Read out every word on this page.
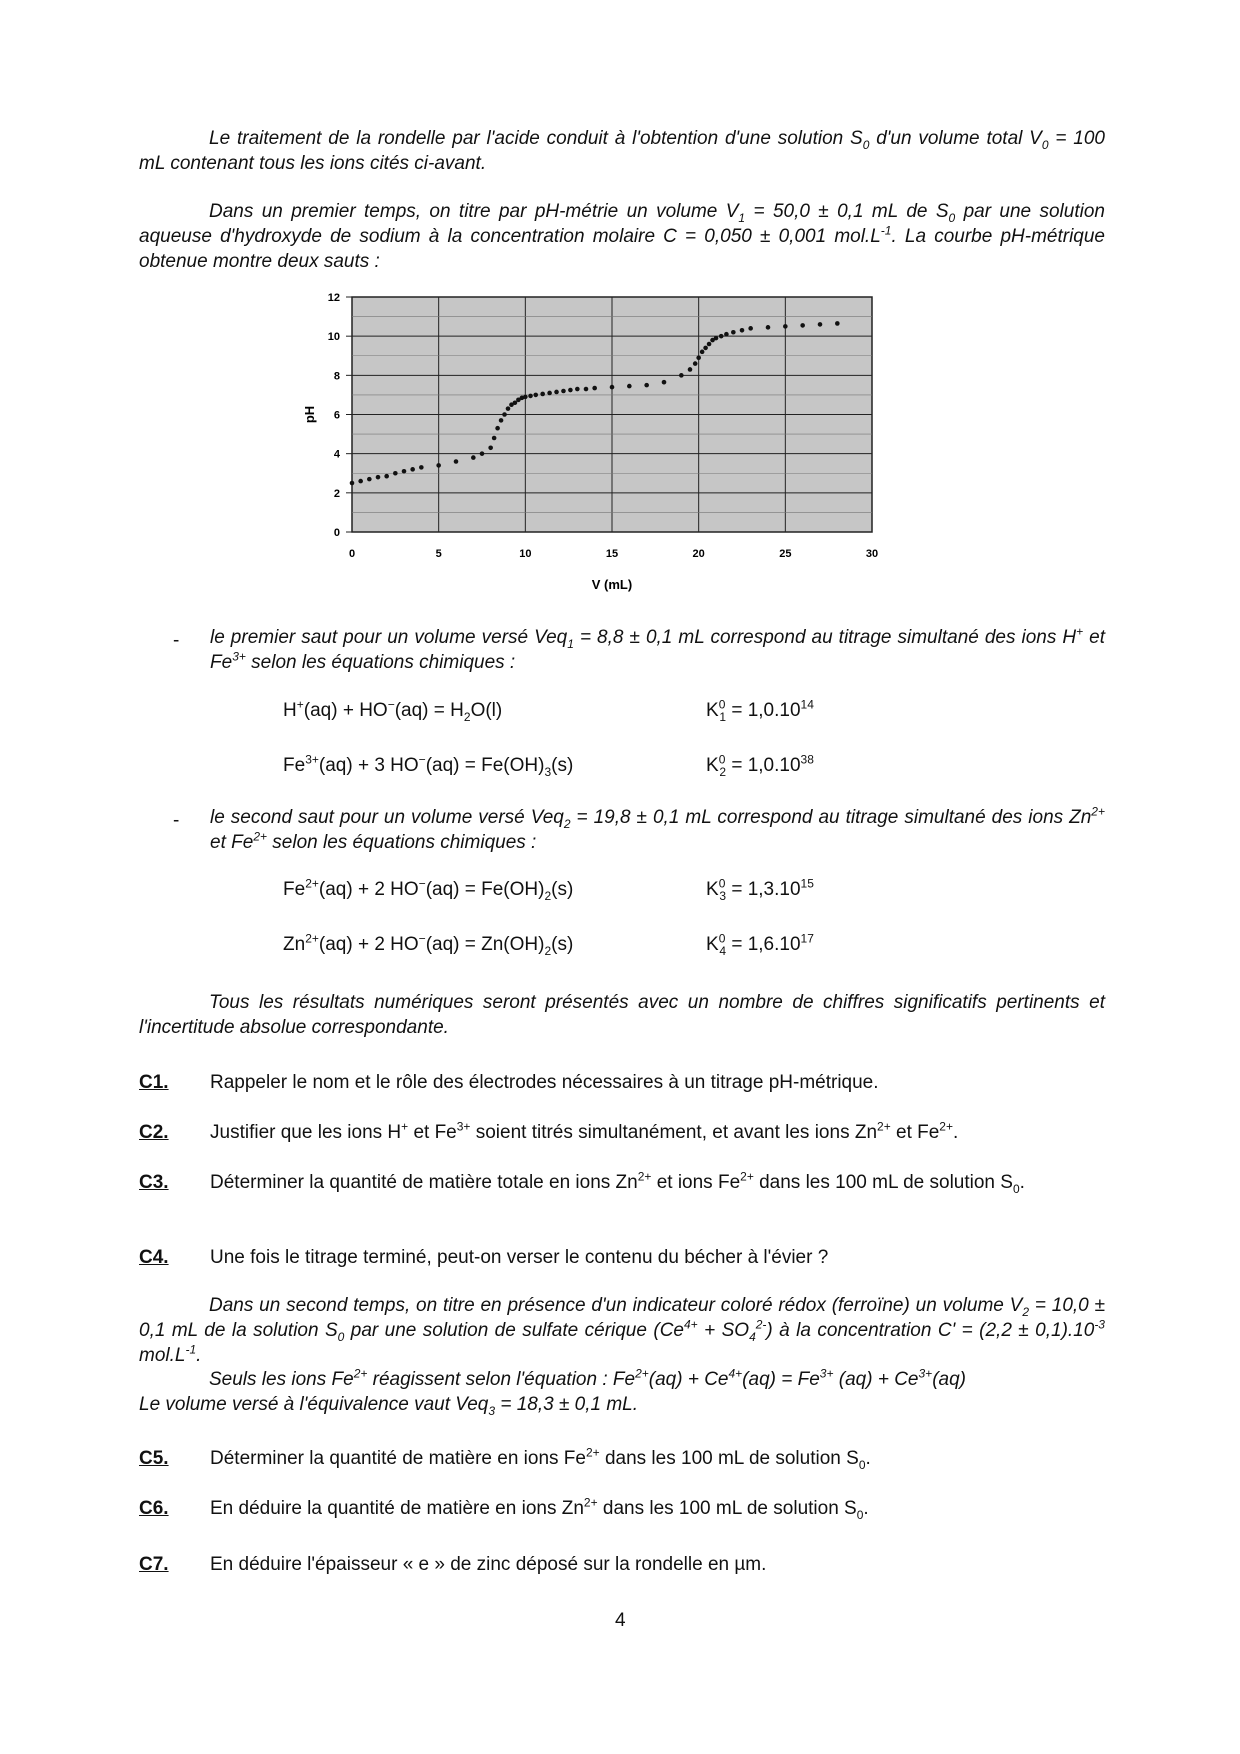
Le traitement de la rondelle par l'acide conduit à l'obtention d'une solution $S_0$ d'un volume total $V_0 = 100$ mL contenant tous les ions cités ci-avant.
Dans un premier temps, on titre par pH-métrie un volume $V_1 = 50,0 \pm 0,1$ mL de $S_0$ par une solution aqueuse d'hydroxyde de sodium à la concentration molaire C = 0,050 ± 0,001 $mol.L^{-1}$. La courbe pH-métrique obtenue montre deux sauts :
0	5	10	15	20	25	30
0
2
4
6
8
10
12
V (mL)
pH
- le premier saut pour un volume versé Veq$_1$ = 8,8 ± 0,1 mL correspond au titrage simultané des ions H+ et $Fe^{3+}$ selon les équations chimiques :
$H^+(aq) + HO^-(aq) = H_2O(l)$	$K^0_1 = 1,0.10^{14}$
$Fe^{3+}(aq) + 3$ $HO^-(aq) = Fe(OH)_3(s)$	$K^0_2 = 1,0.10^{38}$
- le second saut pour un volume versé Veq$_2$ = 19,8 ± 0,1 mL correspond au titrage simultané des ions $Zn^{2+}$ et $Fe^{2+}$ selon les équations chimiques :
$Fe^{2+}(aq) + 2$ $HO^-(aq) = Fe(OH)_2(s)$	$K^0_3 = 1,3.10^{15}$
$Zn^{2+}(aq) + 2$ $HO^-(aq) = Zn(OH)_2(s)$	$K^0_4 = 1,6.10^{17}$
Tous les résultats numériques seront présentés avec un nombre de chiffres significatifs pertinents et l'incertitude absolue correspondante.
C1. Rappeler le nom et le rôle des électrodes nécessaires à un titrage pH-métrique.
C2. Justifier que les ions H+ et $Fe^{3+}$ soient titrés simultanément, et avant les ions $Zn^{2+}$ et $Fe^{2+}$.
C3. Déterminer la quantité de matière totale en ions $Zn^{2+}$ et ions $Fe^{2+}$ dans les 100 mL de solution $S_0$.
C4. Une fois le titrage terminé, peut-on verser le contenu du bécher à l'évier ?
Dans un second temps, on titre en présence d'un indicateur coloré rédox (ferroïne) un volume $V_2 = 10,0 \pm 0,1$ mL de la solution $S_0$ par une solution de sulfate cérique $(Ce^{4+} + SO_4^{2-})$ à la concentration $C' = (2,2 \pm 0,1).10^{-3}$ $mol.L^{-1}$.
Seuls les ions $Fe^{2+}$ réagissent selon l'équation : $Fe^{2+}(aq) + Ce^{4+}(aq) = Fe^{3+}$ $(aq) + Ce^{3+}(aq)$
Le volume versé à l'équivalence vaut Veq$_3$ = 18,3 ± 0,1 mL.
C5. Déterminer la quantité de matière en ions $Fe^{2+}$ dans les 100 mL de solution $S_0$.
C6. En déduire la quantité de matière en ions $Zn^{2+}$ dans les 100 mL de solution $S_0$.
C7. En déduire l'épaisseur « e » de zinc déposé sur la rondelle en µm.
4
